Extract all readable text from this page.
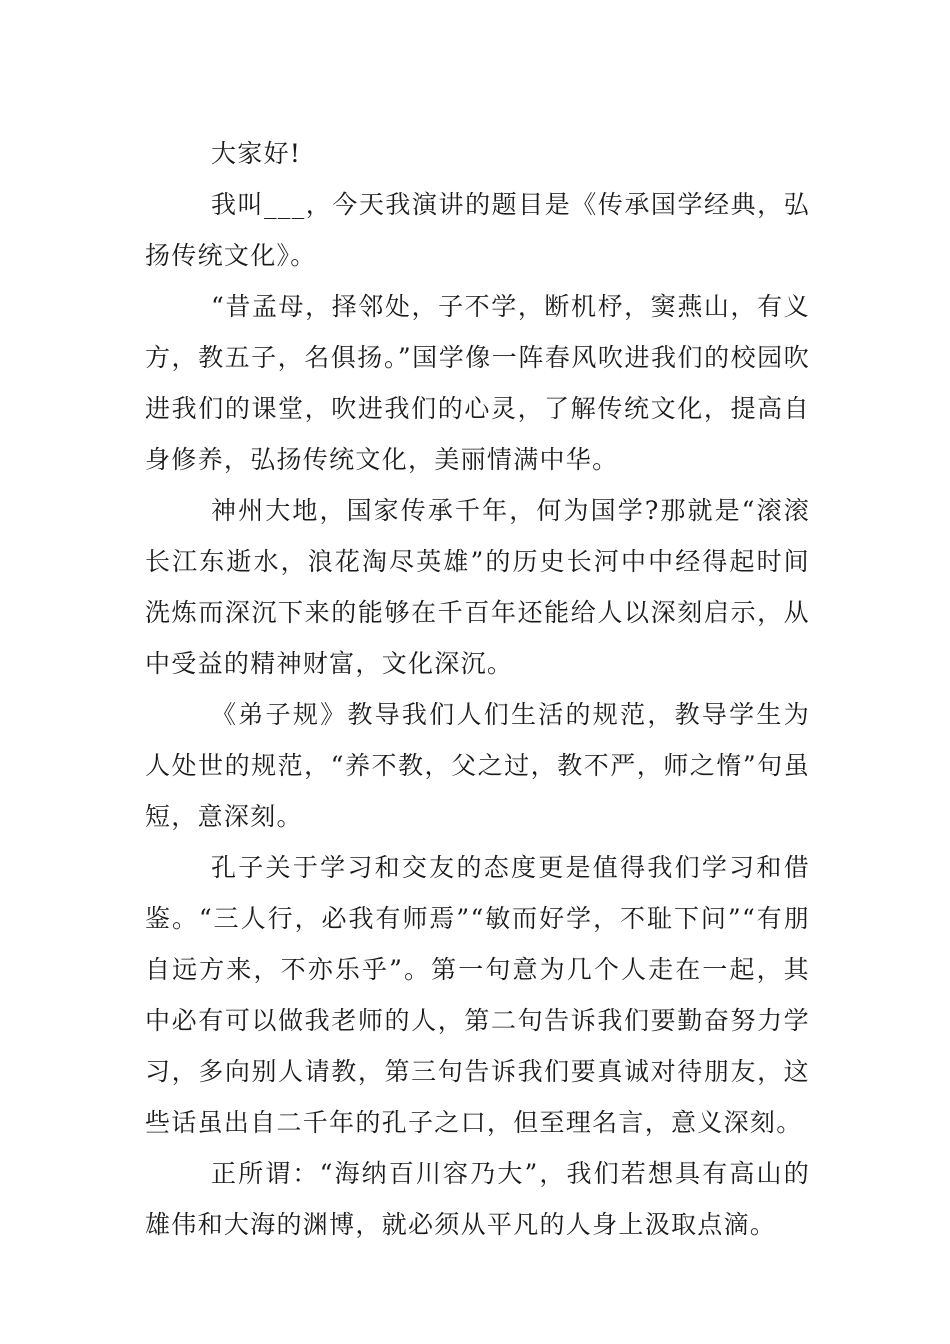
大家好!

我叫___，今天我演讲的题目是《传承国学经典，弘扬传统文化》。

“昔孟母，择邻处，子不学，断机杼，窦燕山，有义方，教五子，名俱扬。”国学像一阵春风吹进我们的校园吹进我们的课堂，吹进我们的心灵，了解传统文化，提高自身修养，弘扬传统文化，美丽情满中华。

神州大地，国家传承千年，何为国学?那就是“滚滚长江东逝水，浪花淘尽英雄”的历史长河中中经得起时间洗炼而深沉下来的能够在千百年还能给人以深刻启示，从中受益的精神财富，文化深沉。

《弟子规》教导我们人们生活的规范，教导学生为人处世的规范，“养不教，父之过，教不严，师之惰”句虽短，意深刻。

孔子关于学习和交友的态度更是值得我们学习和借鉴。“三人行，必我有师焉”“敏而好学，不耻下问”“有朋自远方来，不亦乐乎”。第一句意为几个人走在一起，其中必有可以做我老师的人，第二句告诉我们要勤奋努力学习，多向别人请教，第三句告诉我们要真诚对待朋友，这些话虽出自二千年的孔子之口，但至理名言，意义深刻。

正所谓：“海纳百川容乃大”，我们若想具有高山的雄伟和大海的渊博，就必须从平凡的人身上汲取点滴。
